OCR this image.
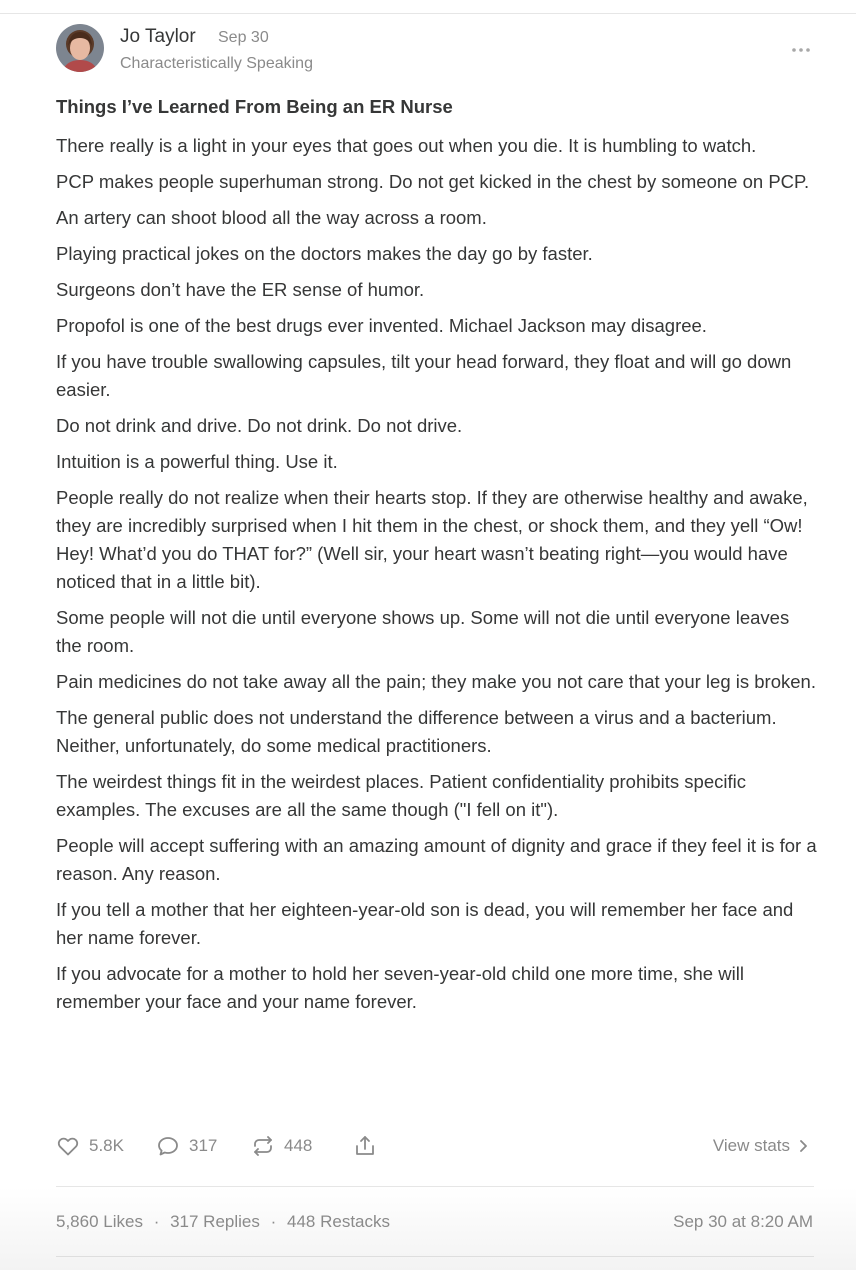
Jo Taylor Sep 30
Characteristically Speaking
Things I’ve Learned From Being an ER Nurse

There really is a light in your eyes that goes out when you die. It is humbling to watch.

PCP makes people superhuman strong. Do not get kicked in the chest by someone on PCP.

An artery can shoot blood all the way across a room.

Playing practical jokes on the doctors makes the day go by faster.

Surgeons don’t have the ER sense of humor.

Propofol is one of the best drugs ever invented. Michael Jackson may disagree.

If you have trouble swallowing capsules, tilt your head forward, they float and will go down easier.

Do not drink and drive. Do not drink. Do not drive.

Intuition is a powerful thing. Use it.

People really do not realize when their hearts stop. If they are otherwise healthy and awake, they are incredibly surprised when I hit them in the chest, or shock them, and they yell “Ow! Hey! What’d you do THAT for?” (Well sir, your heart wasn’t beating right—you would have noticed that in a little bit).

Some people will not die until everyone shows up. Some will not die until everyone leaves the room.

Pain medicines do not take away all the pain; they make you not care that your leg is broken.

The general public does not understand the difference between a virus and a bacterium. Neither, unfortunately, do some medical practitioners.

The weirdest things fit in the weirdest places. Patient confidentiality prohibits specific examples. The excuses are all the same though ("I fell on it").

People will accept suffering with an amazing amount of dignity and grace if they feel it is for a reason. Any reason.

If you tell a mother that her eighteen-year-old son is dead, you will remember her face and her name forever.

If you advocate for a mother to hold her seven-year-old child one more time, she will remember your face and your name forever.

5.8K	317	448	View stats
5,860 Likes · 317 Replies · 448 Restacks	Sep 30 at 8:20 AM
